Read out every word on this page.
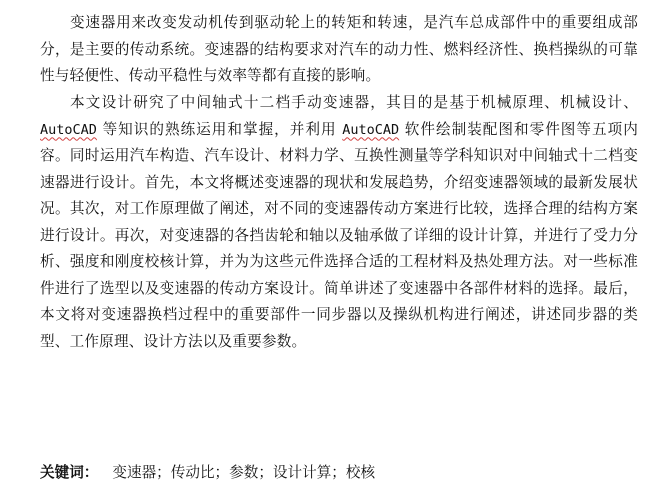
变速器用来改变发动机传到驱动轮上的转矩和转速，是汽车总成部件中的重要组成部分，是主要的传动系统。变速器的结构要求对汽车的动力性、燃料经济性、换档操纵的可靠性与轻便性、传动平稳性与效率等都有直接的影响。

本文设计研究了中间轴式十二档手动变速器，其目的是基于机械原理、机械设计、AutoCAD 等知识的熟练运用和掌握，并利用 AutoCAD 软件绘制装配图和零件图等五项内容。同时运用汽车构造、汽车设计、材料力学、互换性测量等学科知识对中间轴式十二档变速器进行设计。首先，本文将概述变速器的现状和发展趋势，介绍变速器领域的最新发展状况。其次，对工作原理做了阐述，对不同的变速器传动方案进行比较，选择合理的结构方案进行设计。再次，对变速器的各挡齿轮和轴以及轴承做了详细的设计计算，并进行了受力分析、强度和刚度校核计算，并为为这些元件选择合适的工程材料及热处理方法。对一些标准件进行了选型以及变速器的传动方案设计。简单讲述了变速器中各部件材料的选择。最后，本文将对变速器换档过程中的重要部件一同步器以及操纵机构进行阐述，讲述同步器的类型、工作原理、设计方法以及重要参数。

关键词： 变速器；传动比；参数；设计计算；校核
